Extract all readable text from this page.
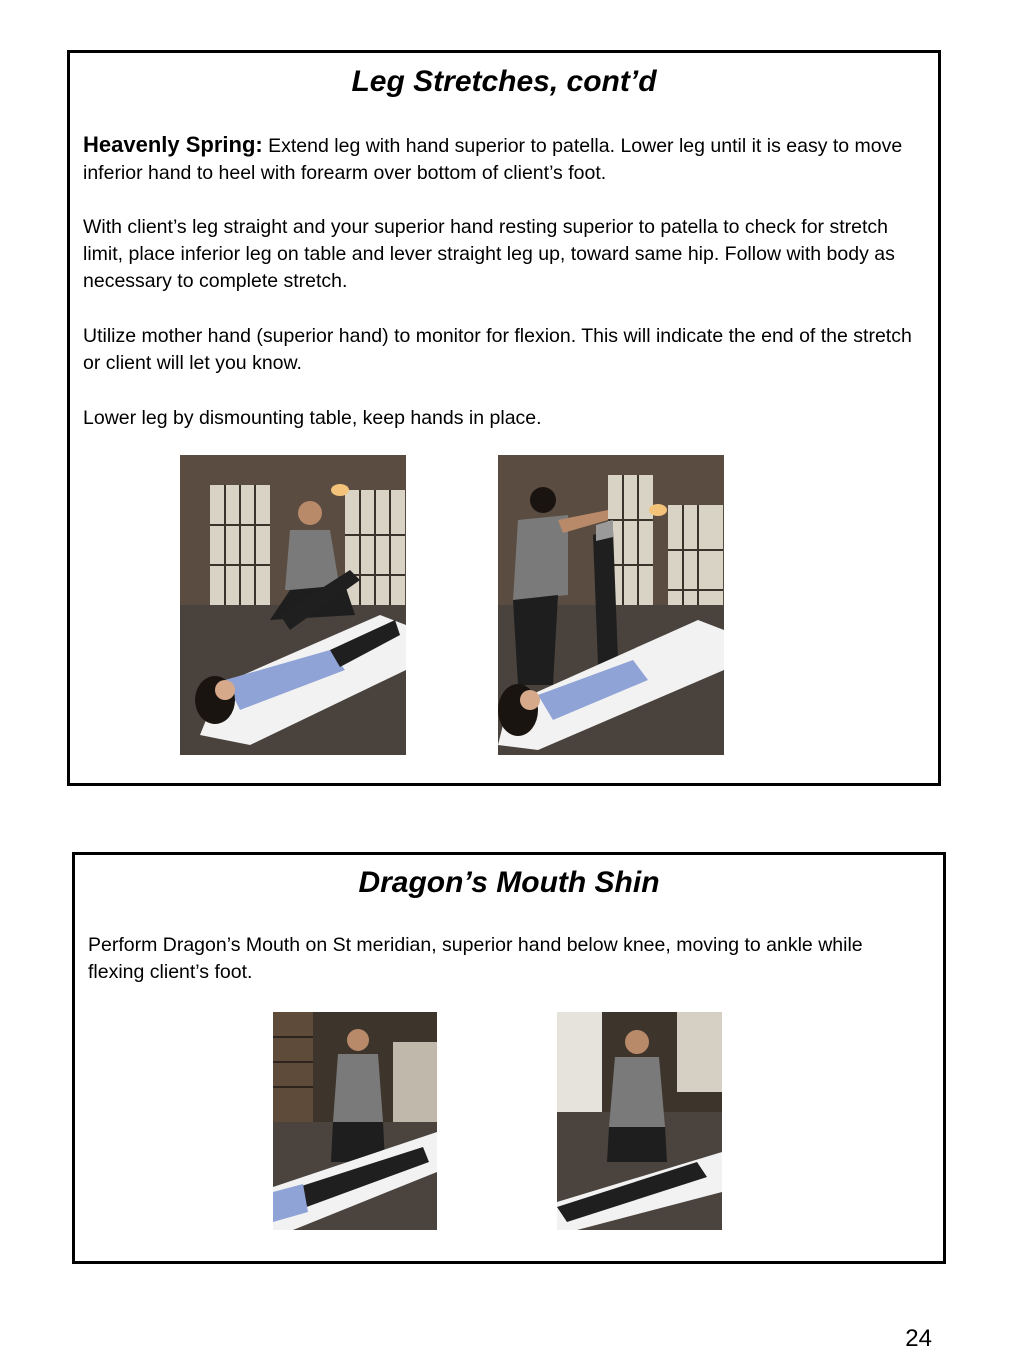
Leg Stretches, cont’d

Heavenly Spring: Extend leg with hand superior to patella. Lower leg until it is easy to move inferior hand to heel with forearm over bottom of client’s foot.

With client’s leg straight and your superior hand resting superior to patella to check for stretch limit, place inferior leg on table and lever straight leg up, toward same hip. Follow with body as necessary to complete stretch.
Utilize mother hand (superior hand) to monitor for flexion. This will indicate the end of the stretch or client will let you know.
Lower leg by dismounting table, keep hands in place.
Dragon’s Mouth Shin
Perform Dragon’s Mouth on St meridian, superior hand below knee, moving to ankle while flexing client’s foot.
24
